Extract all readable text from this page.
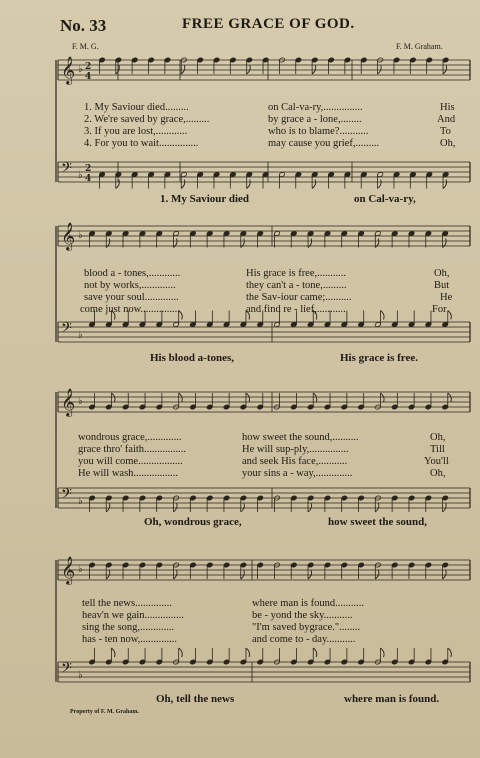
No. 33	FREE GRACE OF GOD.
F. M. G.	F. M. Graham.
𝄞 ♭ 2
4
𝄢 ♭
2
4
𝄞 ♭
𝄢 ♭
𝄞 ♭
𝄢 ♭
𝄞 ♭
𝄢 ♭
1. My Saviour died.........	on Cal-va-ry,...............	His
2. We're saved by grace,.........	by grace a - lone,........	And
3. If you are lost,............	who is to blame?...........	To
4. For you to wait...............	may cause you grief,.........	Oh,
1. My Saviour died	on Cal-va-ry,
blood a - tones,............	His grace is free,...........	Oh,
not by works,.............	they can't a - tone,.........	But
save your soul.............	the Sav-iour came;..........	He
come just now...............	and find re - lief,...........	For
His blood a-tones,	His grace is free.
wondrous grace,.............	how sweet the sound,..........	Oh,
grace thro' faith................	He will sup-ply,...............	Till
you will come.................	and seek His face,...........	You'll
He will wash.................	your sins a - way,..............	Oh,
Oh, wondrous grace,	how sweet the sound,
tell the news..............	where man is found...........
heav'n we gain...............	be - yond the sky...........
sing the song,.............	"I'm saved bygrace."........
has - ten now,..............	and come to - day...........
Oh, tell the news	where man is found.
Property of F. M. Graham.
